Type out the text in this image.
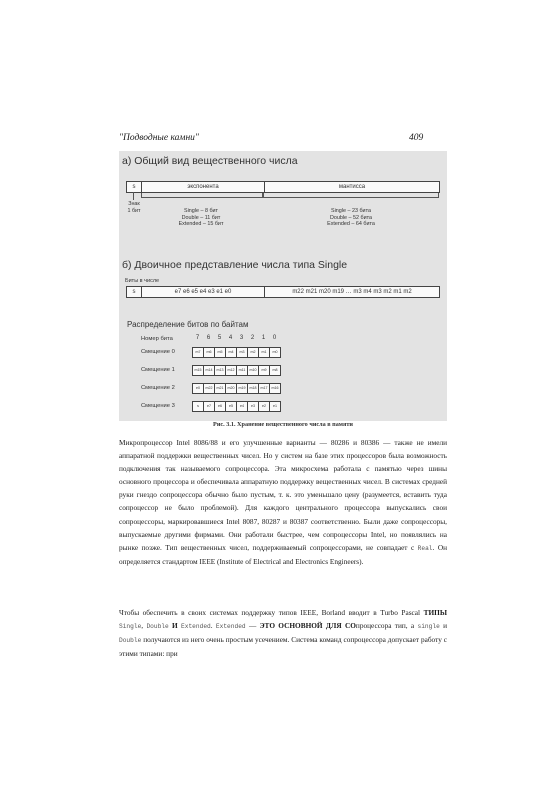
"Подводные камни"	409
а) Общий вид вещественного числа
s	экспонента	мантисса
Знак
1 бит	Single – 8 бит
Double – 11 бит
Extended – 15 бит
Single – 23 бита
Double – 52 бита
Extended – 64 бита
б) Двоичное представление числа типа Single
Биты в числе
s	e7 e6 e5 e4 e3 e1 e0	m22 m21 m20 m19 … m3 m4 m3 m2 m1 m2
Распределение битов по байтам
Номер бита	7	6	5	4	3	2	1	0
Смещение 0	m7	m6	m5	m4	m3	m2	m1	m0
Смещение 1	m15	m14	m13	m12	m11	m10	m9	m8
Смещение 2	e0	m22	m21	m20	m19	m18	m17	m16
Смещение 3	s	e7	e6	e5	e4	e3	e2	e1
Рис. 3.1. Хранение вещественного числа в памяти

Микропроцессор Intel 8086/88 и его улучшенные варианты — 80286 и 80386 — также не имели аппаратной поддержки вещественных чисел. Но у систем на базе этих процессоров была возможность подключения так называемого сопроцессора. Эта микросхема работала с памятью через шины основного процессора и обеспечивала аппаратную поддержку вещественных чисел. В системах средней руки гнездо сопроцессора обычно было пустым, т. к. это уменьшало цену (разумеется, вставить туда сопроцессор не было проблемой). Для каждого центрального процессора выпускались свои сопроцессоры, маркировавшиеся Intel 8087, 80287 и 80387 соответственно. Были даже сопроцессоры, выпускаемые другими фирмами. Они работали быстрее, чем сопроцессоры Intel, но появлялись на рынке позже. Тип вещественных чисел, поддерживаемый сопроцессорами, не совпадает с Real. Он определяется стандартом IEEE (Institute of Electrical and Electronics Engineers).

Чтобы обеспечить в своих системах поддержку типов IEEE, Borland вводит в Turbo Pascal ТИПЫ Single, Double И Extended. Extended — ЭТО ОСНОВНОЙ ДЛЯ СОпроцессора тип, а single и Double получаются из него очень простым усечением. Система команд сопроцессора допускает работу с этими типами: при
